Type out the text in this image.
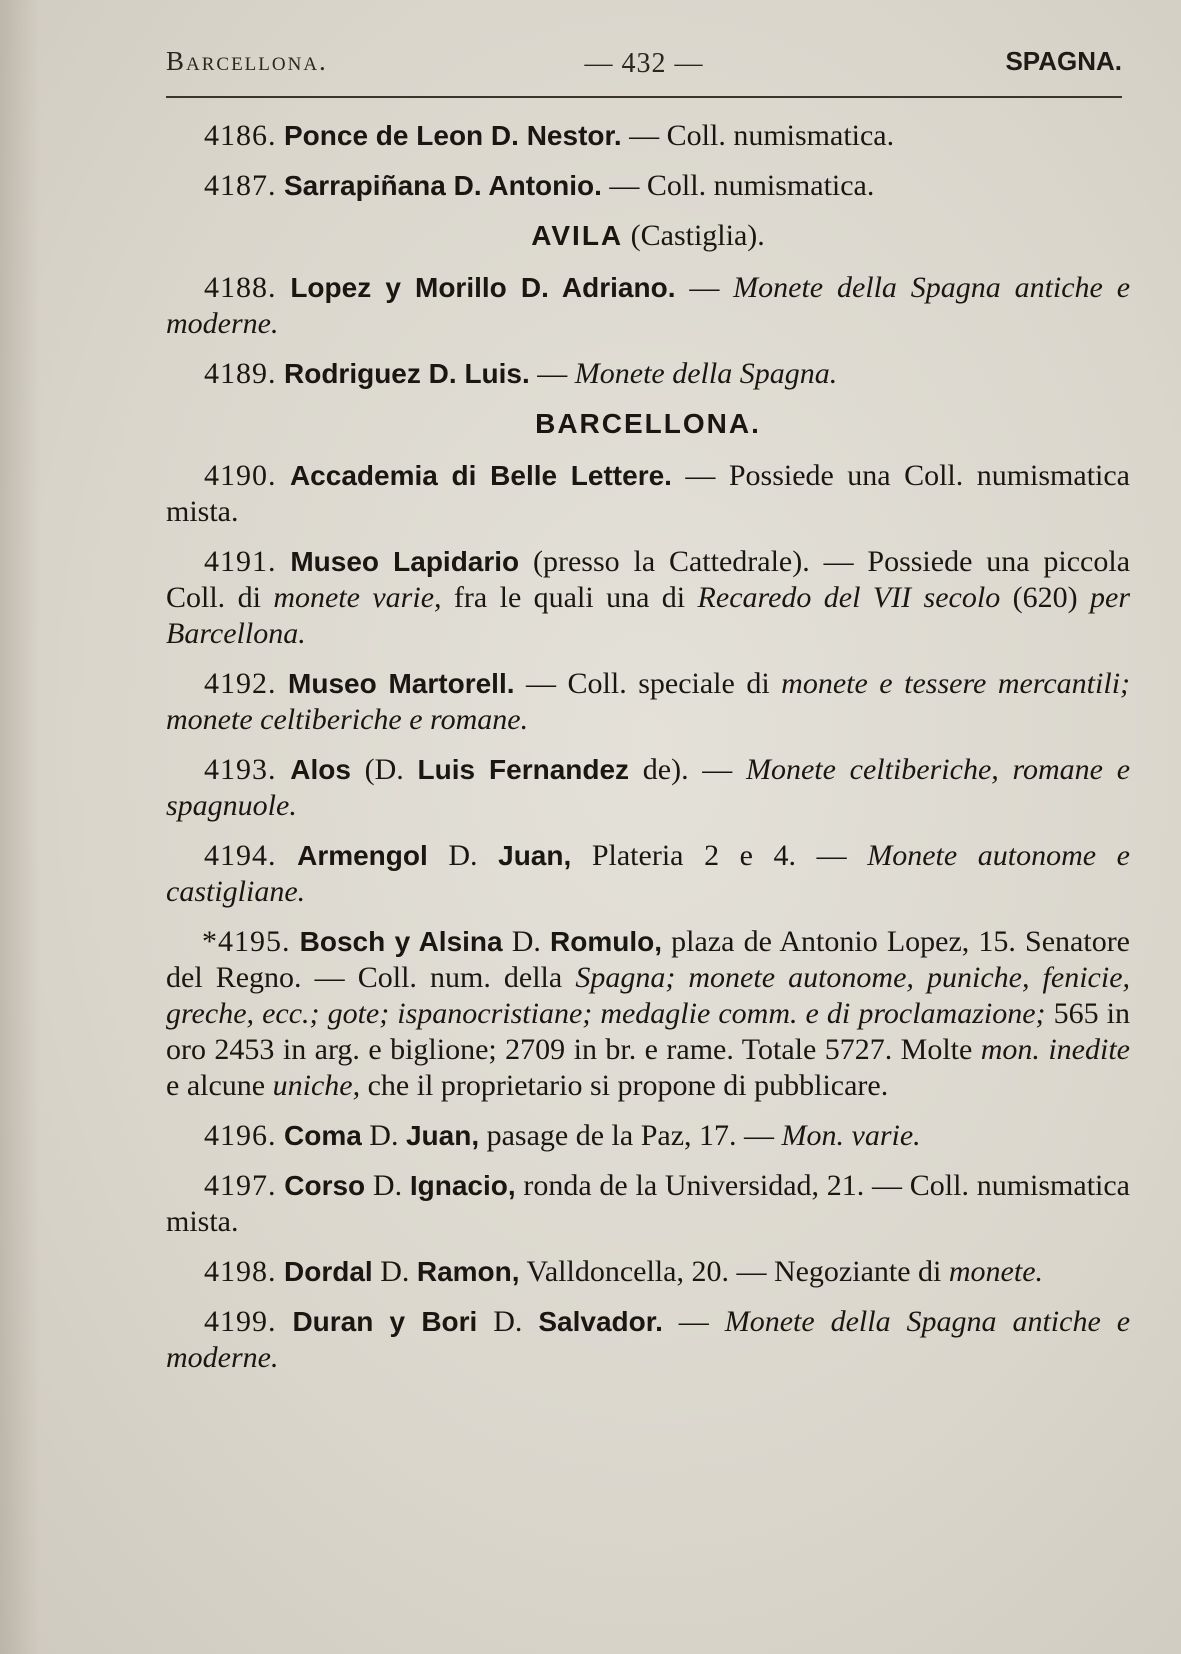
Barcellona.	— 432 —	SPAGNA.

4186. Ponce de Leon D. Nestor. — Coll. numismatica.

4187. Sarrapiñana D. Antonio. — Coll. numismatica.

AVILA (Castiglia).

4188. Lopez y Morillo D. Adriano. — Monete della Spagna antiche e moderne.

4189. Rodriguez D. Luis. — Monete della Spagna.

BARCELLONA.

4190. Accademia di Belle Lettere. — Possiede una Coll. numismatica mista.

4191. Museo Lapidario (presso la Cattedrale). — Possiede una piccola Coll. di monete varie, fra le quali una di Recaredo del VII secolo (620) per Barcellona.

4192. Museo Martorell. — Coll. speciale di monete e tessere mercantili; monete celtiberiche e romane.

4193. Alos (D. Luis Fernandez de). — Monete celtiberiche, romane e spagnuole.

4194. Armengol D. Juan, Plateria 2 e 4. — Monete autonome e castigliane.

*4195. Bosch y Alsina D. Romulo, plaza de Antonio Lopez, 15. Senatore del Regno. — Coll. num. della Spagna; monete autonome, puniche, fenicie, greche, ecc.; gote; ispanocristiane; medaglie comm. e di proclamazione; 565 in oro 2453 in arg. e biglione; 2709 in br. e rame. Totale 5727. Molte mon. inedite e alcune uniche, che il proprietario si propone di pubblicare.

4196. Coma D. Juan, pasage de la Paz, 17. — Mon. varie.

4197. Corso D. Ignacio, ronda de la Universidad, 21. — Coll. numismatica mista.

4198. Dordal D. Ramon, Valldoncella, 20. — Negoziante di monete.

4199. Duran y Bori D. Salvador. — Monete della Spagna antiche e moderne.
